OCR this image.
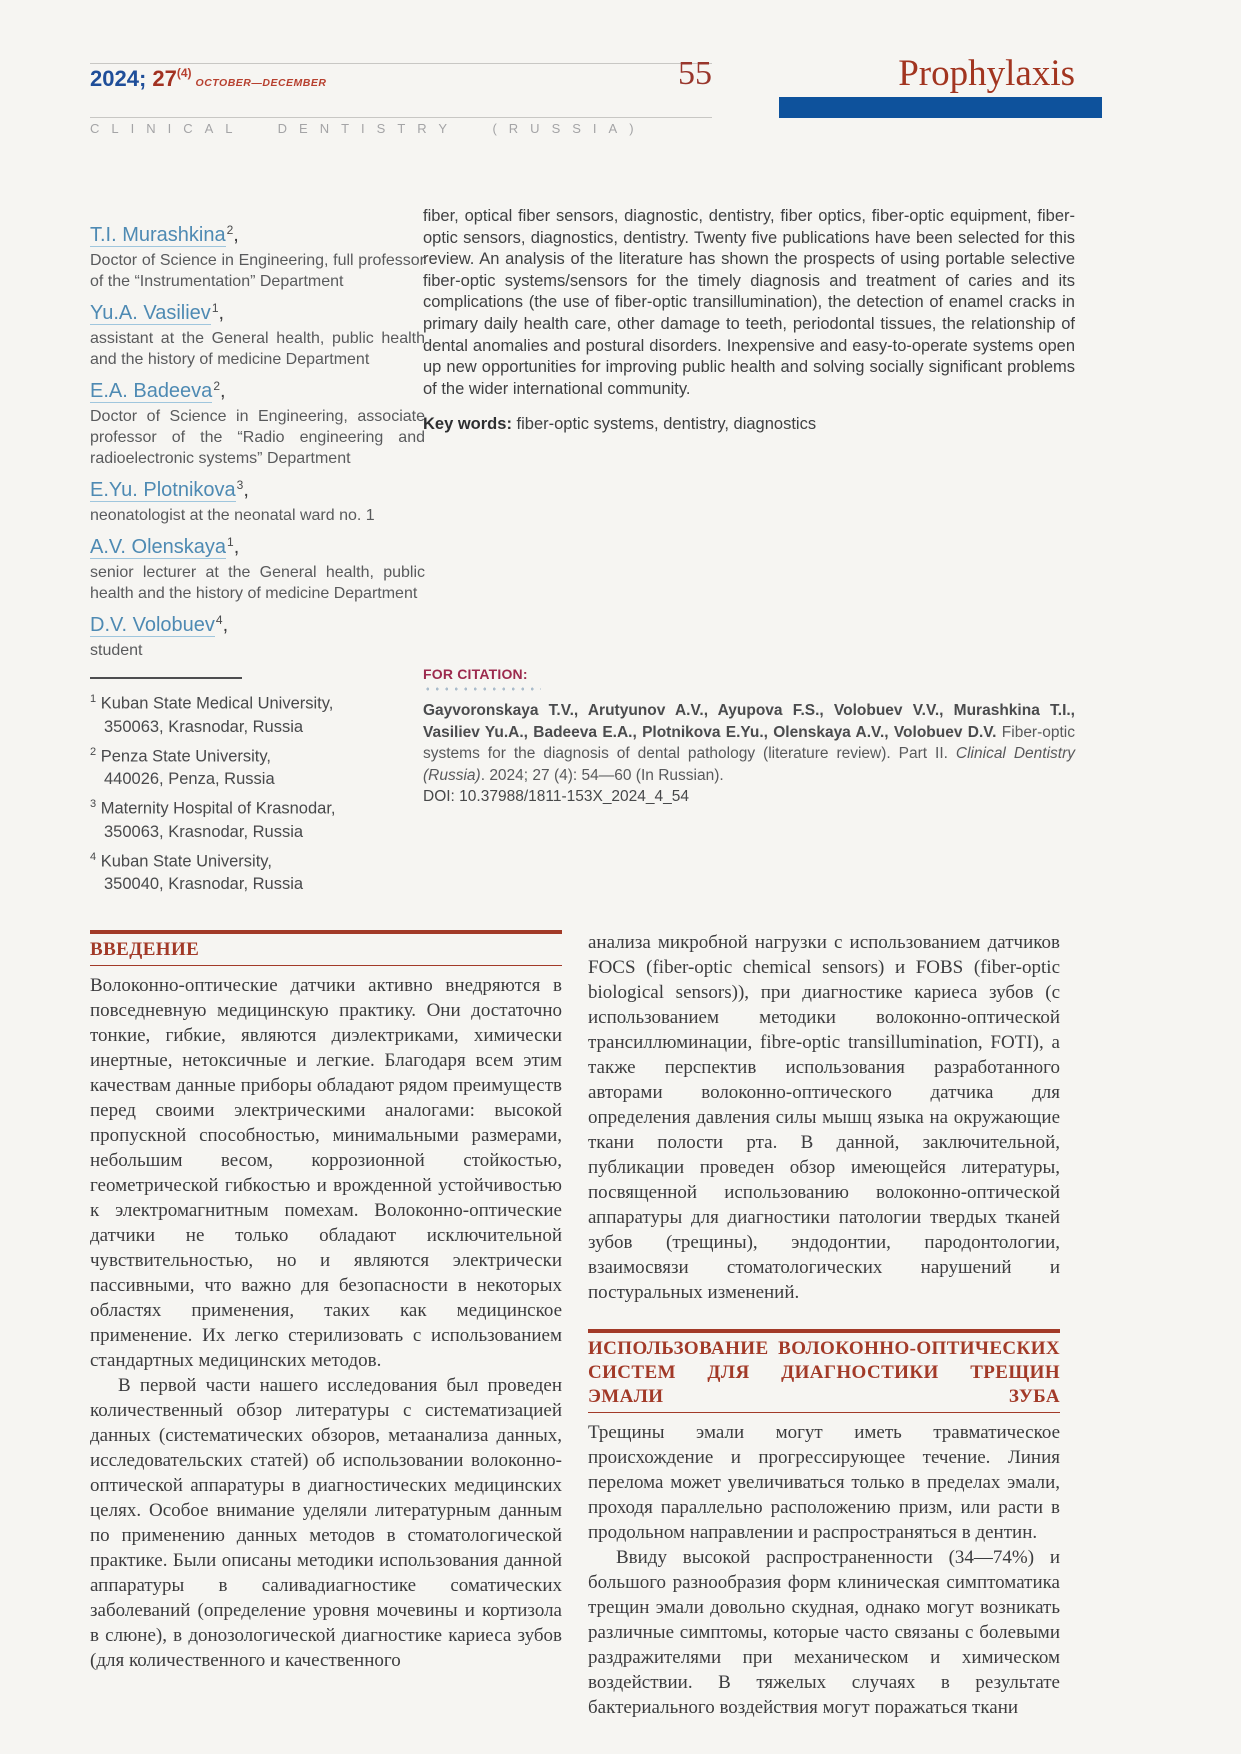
2024; 27$^{(4)}$OCTOBER—DECEMBER	55
CLINICAL DENTISTRY (RUSSIA)
Prophylaxis
T.I. Murashkina$^2$,
Doctor of Science in Engineering, full professor of the “Instrumentation” Department
Yu.A. Vasiliev$^1$,
assistant at the General health, public health and the history of medicine Department
E.A. Badeeva$^2$,
Doctor of Science in Engineering, associate professor of the “Radio engineering and radioelectronic systems” Department
E.Yu. Plotnikova$^3$,
neonatologist at the neonatal ward no. 1
A.V. Olenskaya$^1$,
senior lecturer at the General health, public health and the history of medicine Department
D.V. Volobuev$^4$,
student
$^1$ Kuban State Medical University,
350063, Krasnodar, Russia
$^2$ Penza State University,
440026, Penza, Russia
$^3$ Maternity Hospital of Krasnodar,
350063, Krasnodar, Russia
$^4$ Kuban State University,
350040, Krasnodar, Russia
fiber, optical fiber sensors, diagnostic, dentistry, fiber optics, fiber-optic equipment, fiber-optic sensors, diagnostics, dentistry. Twenty five publications have been selected for this review. An analysis of the literature has shown the prospects of using portable selective fiber-optic systems/sensors for the timely diagnosis and treatment of caries and its complications (the use of fiber-optic transillumination), the detection of enamel cracks in primary daily health care, other damage to teeth, periodontal tissues, the relationship of dental anomalies and postural disorders. Inexpensive and easy-to-operate systems open up new opportunities for improving public health and solving socially significant problems of the wider international community.
Key words: fiber-optic systems, dentistry, diagnostics
FOR CITATION:
Gayvoronskaya T.V., Arutyunov A.V., Ayupova F.S., Volobuev V.V., Murashkina T.I., Vasiliev Yu.A., Badeeva E.A., Plotnikova E.Yu., Olenskaya A.V., Volobuev D.V. Fiber-optic systems for the diagnosis of dental pathology (literature review). Part II. Clinical Dentistry (Russia). 2024; 27 (4): 54—60 (In Russian).
DOI: 10.37988/1811-153X_2024_4_54
ВВЕДЕНИЕ

Волоконно-оптические датчики активно внедряются в повседневную медицинскую практику. Они достаточно тонкие, гибкие, являются диэлектриками, химически инертные, нетоксичные и легкие. Благодаря всем этим качествам данные приборы обладают рядом преимуществ перед своими электрическими аналогами: высокой пропускной способностью, минимальными размерами, небольшим весом, коррозионной стойкостью, геометрической гибкостью и врожденной устойчивостью к электромагнитным помехам. Волоконно-оптические датчики не только обладают исключительной чувствительностью, но и являются электрически пассивными, что важно для безопасности в некоторых областях применения, таких как медицинское применение. Их легко стерилизовать с использованием стандартных медицинских методов.

В первой части нашего исследования был проведен количественный обзор литературы с систематизацией данных (систематических обзоров, метаанализа данных, исследовательских статей) об использовании волоконно-оптической аппаратуры в диагностических медицинских целях. Особое внимание уделяли литературным данным по применению данных методов в стоматологической практике. Были описаны методики использования данной аппаратуры в саливадиагностике соматических заболеваний (определение уровня мочевины и кортизола в слюне), в донозологической диагностике кариеса зубов (для количественного и качественного

анализа микробной нагрузки с использованием датчиков FOCS (fiber-optic chemical sensors) и FOBS (fiber-optic biological sensors)), при диагностике кариеса зубов (с использованием методики волоконно-оптической трансиллюминации, fibre-optic transillumination, FOTI), а также перспектив использования разработанного авторами волоконно-оптического датчика для определения давления силы мышц языка на окружающие ткани полости рта. В данной, заключительной, публикации проведен обзор имеющейся литературы, посвященной использованию волоконно-оптической аппаратуры для диагностики патологии твердых тканей зубов (трещины), эндодонтии, пародонтологии, взаимосвязи стоматологических нарушений и постуральных изменений.

ИСПОЛЬЗОВАНИЕ ВОЛОКОННО-ОПТИЧЕСКИХ
СИСТЕМ ДЛЯ ДИАГНОСТИКИ ТРЕЩИН ЭМАЛИ ЗУБА

Трещины эмали могут иметь травматическое происхождение и прогрессирующее течение. Линия перелома может увеличиваться только в пределах эмали, проходя параллельно расположению призм, или расти в продольном направлении и распространяться в дентин.

Ввиду высокой распространенности (34—74%) и большого разнообразия форм клиническая симптоматика трещин эмали довольно скудная, однако могут возникать различные симптомы, которые часто связаны с болевыми раздражителями при механическом и химическом воздействии. В тяжелых случаях в результате бактериального воздействия могут поражаться ткани
